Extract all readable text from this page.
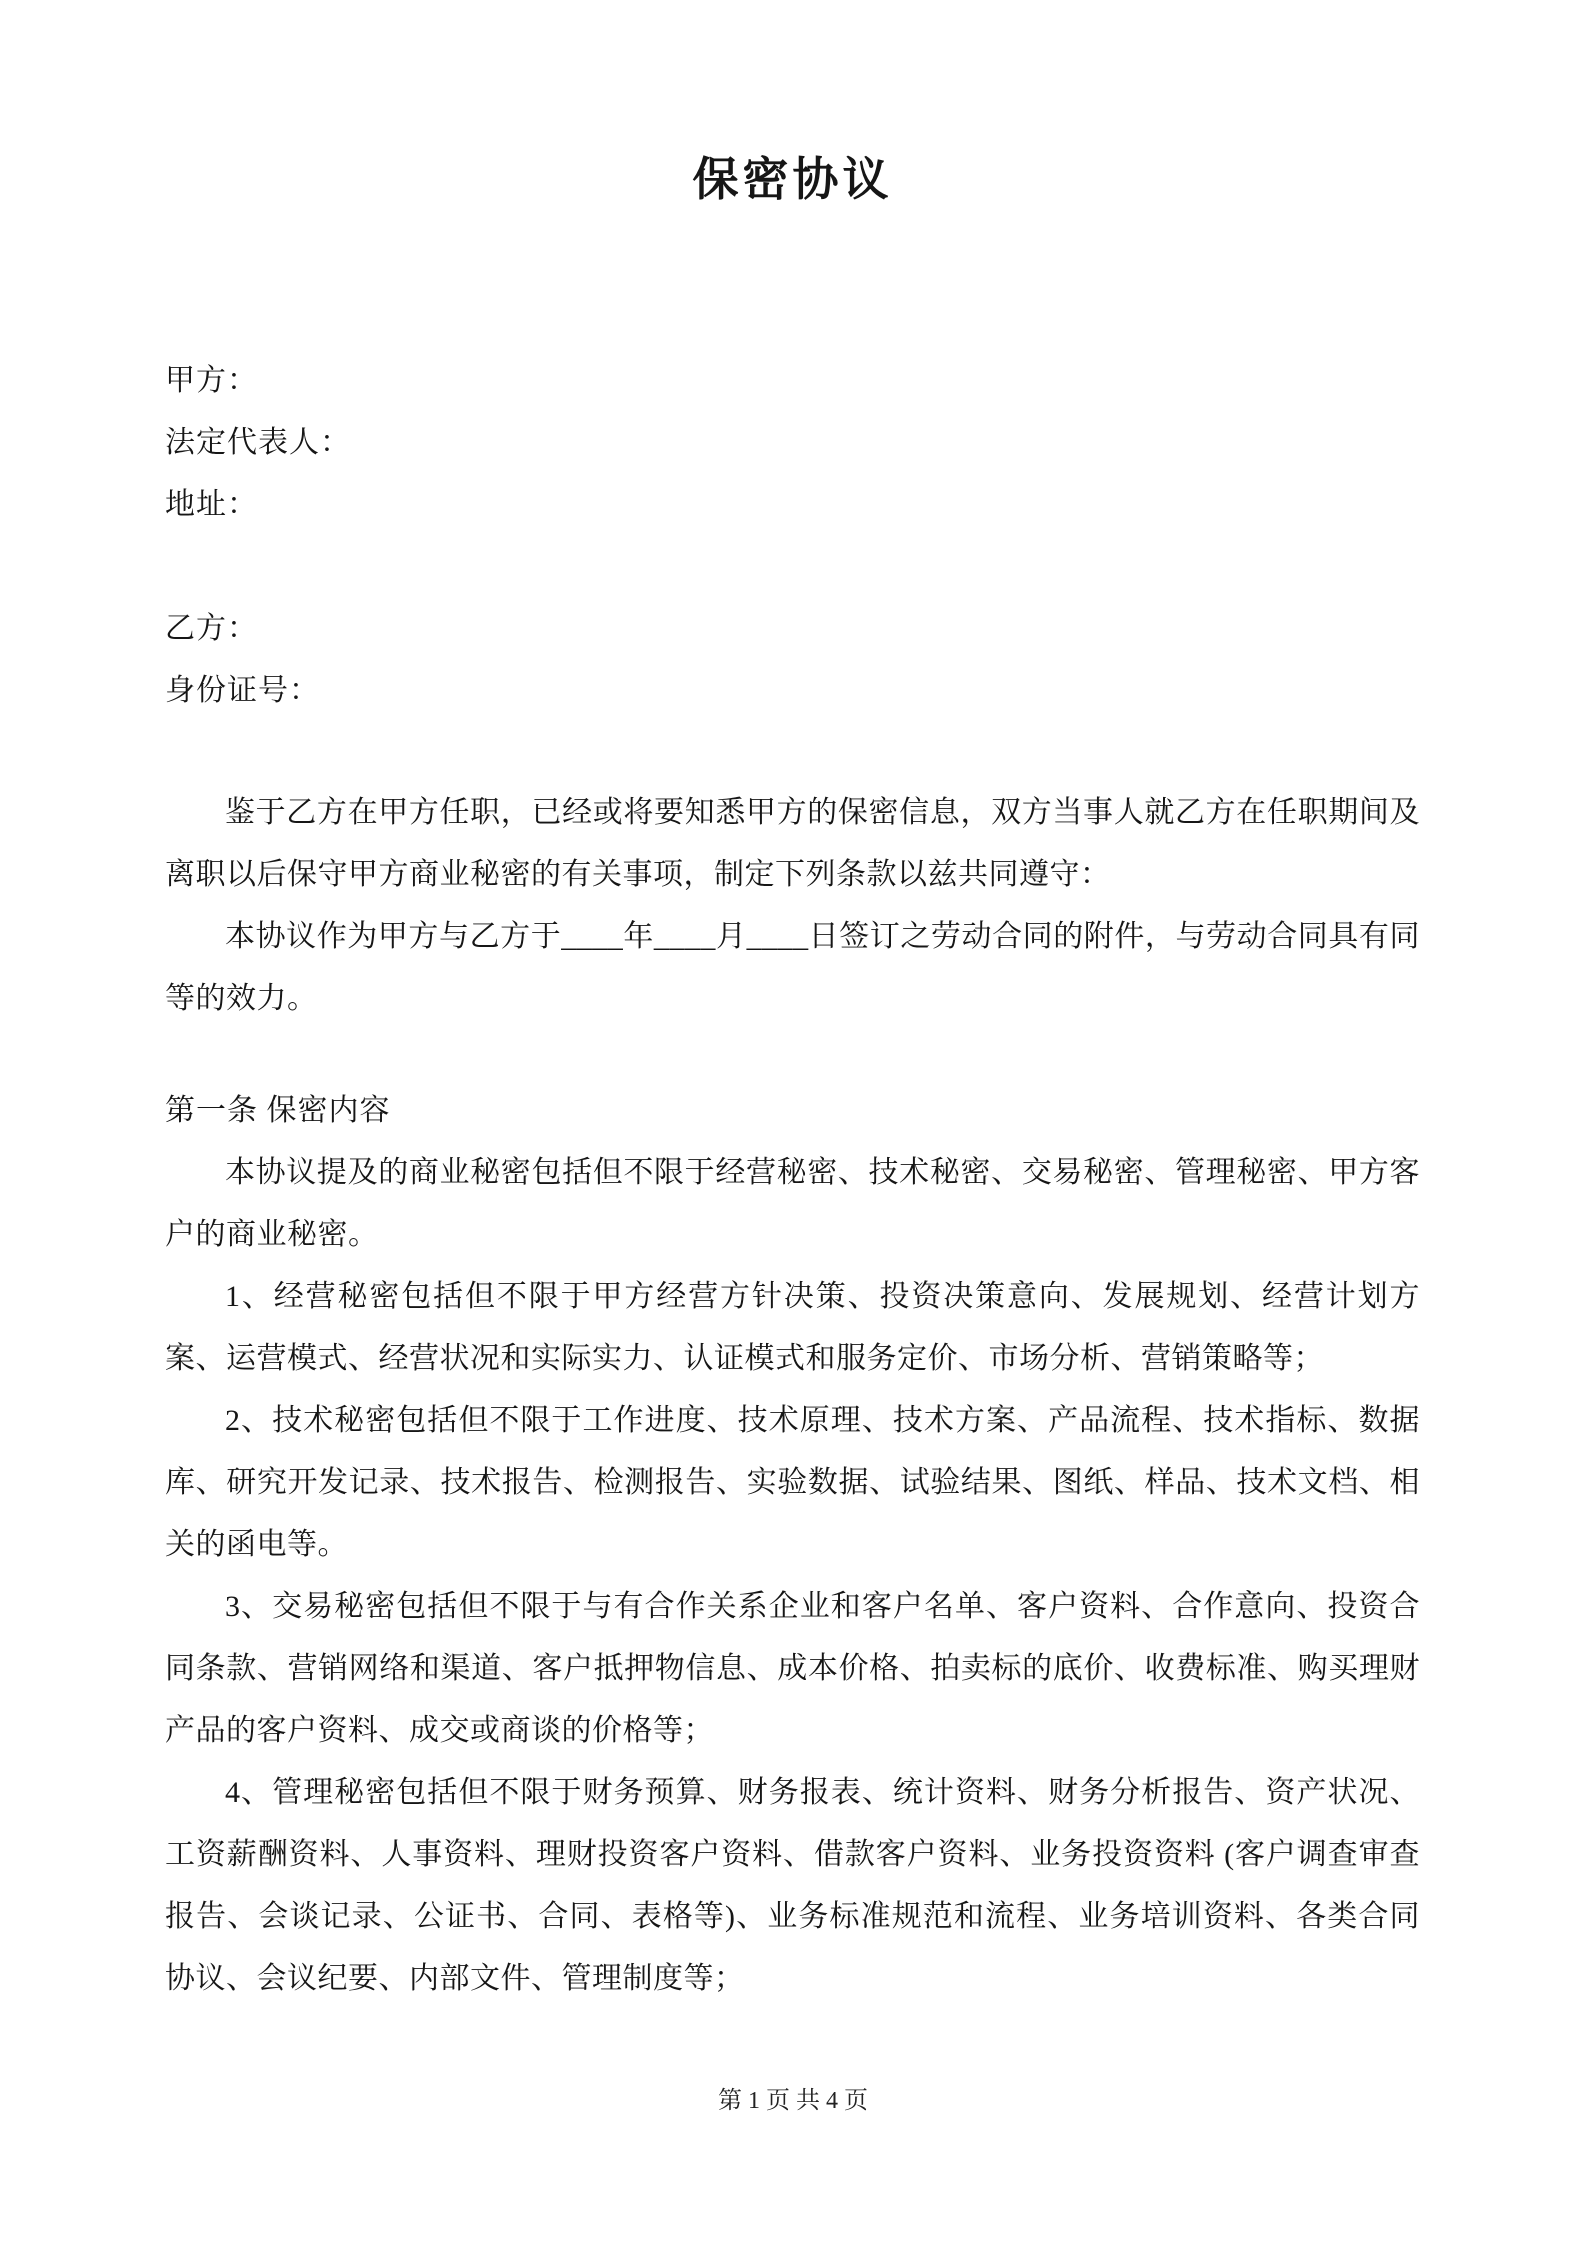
保密协议

甲方：

法定代表人：

地址：

乙方：

身份证号：

鉴于乙方在甲方任职，已经或将要知悉甲方的保密信息，双方当事人就乙方在任职期间及离职以后保守甲方商业秘密的有关事项，制定下列条款以兹共同遵守：

本协议作为甲方与乙方于____年____月____日签订之劳动合同的附件，与劳动合同具有同等的效力。

第一条 保密内容

本协议提及的商业秘密包括但不限于经营秘密、技术秘密、交易秘密、管理秘密、甲方客户的商业秘密。

1、经营秘密包括但不限于甲方经营方针决策、投资决策意向、发展规划、经营计划方案、运营模式、经营状况和实际实力、认证模式和服务定价、市场分析、营销策略等；

2、技术秘密包括但不限于工作进度、技术原理、技术方案、产品流程、技术指标、数据库、研究开发记录、技术报告、检测报告、实验数据、试验结果、图纸、样品、技术文档、相关的函电等。

3、交易秘密包括但不限于与有合作关系企业和客户名单、客户资料、合作意向、投资合同条款、营销网络和渠道、客户抵押物信息、成本价格、拍卖标的底价、收费标准、购买理财产品的客户资料、成交或商谈的价格等；

4、管理秘密包括但不限于财务预算、财务报表、统计资料、财务分析报告、资产状况、工资薪酬资料、人事资料、理财投资客户资料、借款客户资料、业务投资资料 (客户调查审查报告、会谈记录、公证书、合同、表格等)、业务标准规范和流程、业务培训资料、各类合同协议、会议纪要、内部文件、管理制度等；

第 1 页 共 4 页
